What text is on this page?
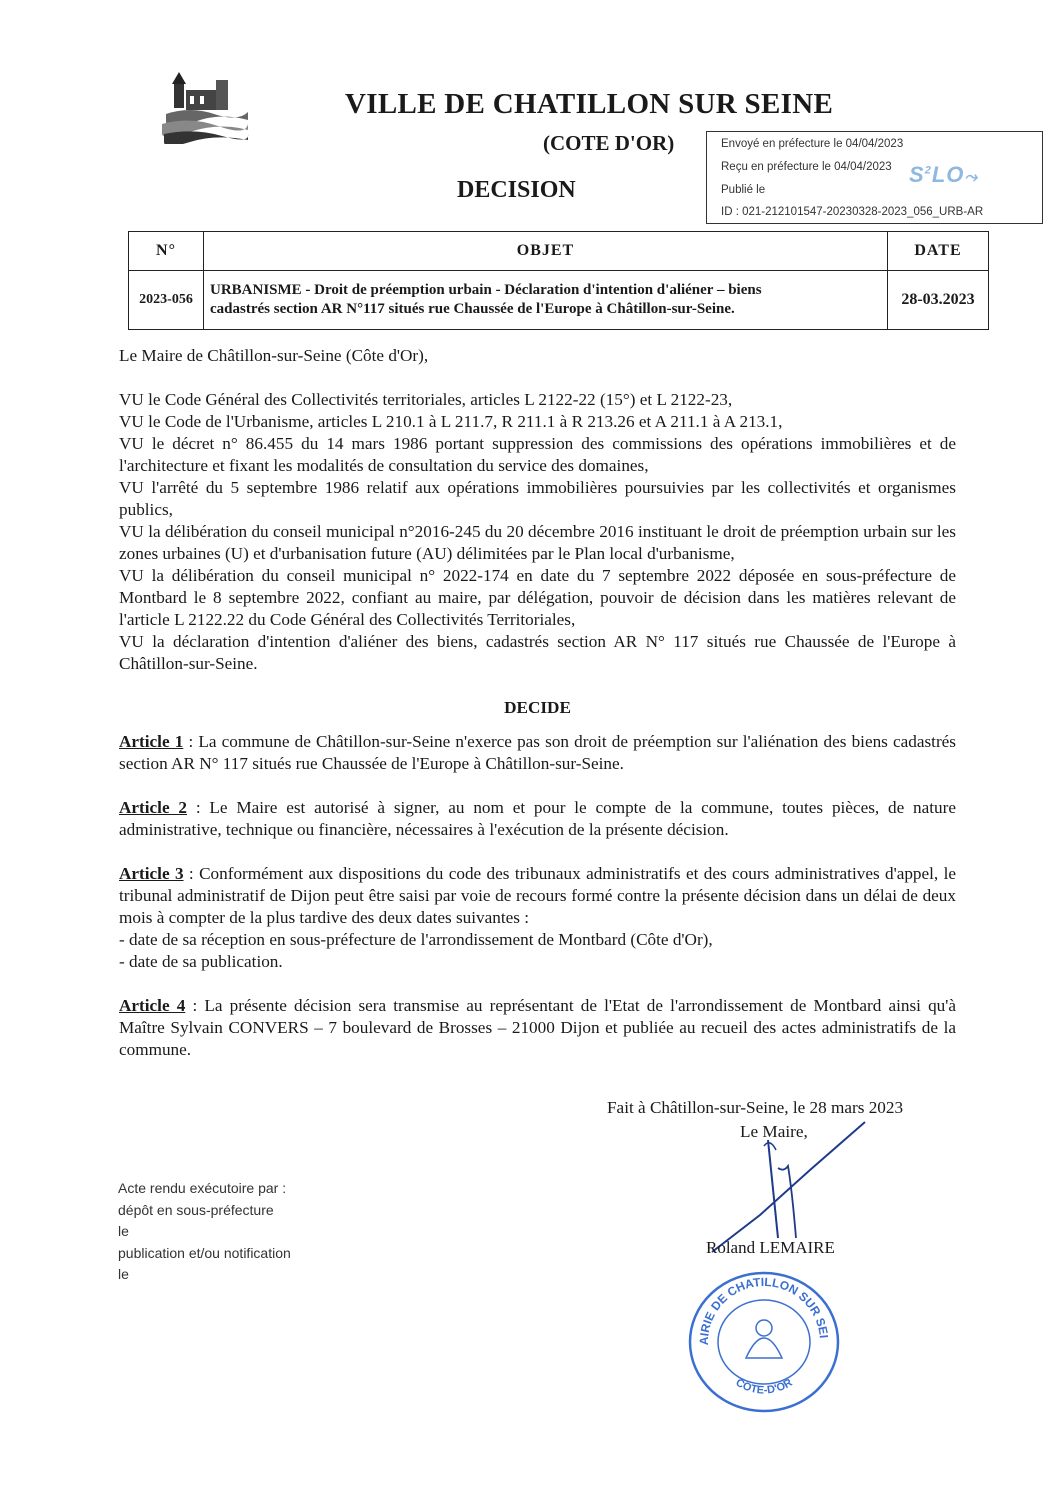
VILLE DE CHATILLON SUR SEINE
(COTE D'OR)
DECISION
Envoyé en préfecture le 04/04/2023
Reçu en préfecture le 04/04/2023
Publié le
ID : 021-212101547-20230328-2023_056_URB-AR
$S^2LO⤳$
N°	OBJET	DATE
2023-056	URBANISME - Droit de préemption urbain - Déclaration d'intention d'aliéner – biens
cadastrés section AR N°117 situés rue Chaussée de l'Europe à Châtillon-sur-Seine.	28-03.2023

Le Maire de Châtillon-sur-Seine (Côte d'Or),

VU le Code Général des Collectivités territoriales, articles L 2122-22 (15°) et L 2122-23,

VU le Code de l'Urbanisme, articles L 210.1 à L 211.7, R 211.1 à R 213.26 et A 211.1 à A 213.1,

VU le décret n° 86.455 du 14 mars 1986 portant suppression des commissions des opérations immobilières et de l'architecture et fixant les modalités de consultation du service des domaines,

VU l'arrêté du 5 septembre 1986 relatif aux opérations immobilières poursuivies par les collectivités et organismes publics,

VU la délibération du conseil municipal n°2016-245 du 20 décembre 2016 instituant le droit de préemption urbain sur les zones urbaines (U) et d'urbanisation future (AU) délimitées par le Plan local d'urbanisme,

VU la délibération du conseil municipal n° 2022-174 en date du 7 septembre 2022 déposée en sous-préfecture de Montbard le 8 septembre 2022, confiant au maire, par délégation, pouvoir de décision dans les matières relevant de l'article L 2122.22 du Code Général des Collectivités Territoriales,

VU la déclaration d'intention d'aliéner des biens, cadastrés section AR N° 117 situés rue Chaussée de l'Europe à Châtillon-sur-Seine.

DECIDE

Article 1 : La commune de Châtillon-sur-Seine n'exerce pas son droit de préemption sur l'aliénation des biens cadastrés section AR N° 117 situés rue Chaussée de l'Europe à Châtillon-sur-Seine.

Article 2 : Le Maire est autorisé à signer, au nom et pour le compte de la commune, toutes pièces, de nature administrative, technique ou financière, nécessaires à l'exécution de la présente décision.

Article 3 : Conformément aux dispositions du code des tribunaux administratifs et des cours administratives d'appel, le tribunal administratif de Dijon peut être saisi par voie de recours formé contre la présente décision dans un délai de deux mois à compter de la plus tardive des deux dates suivantes :

- date de sa réception en sous-préfecture de l'arrondissement de Montbard (Côte d'Or),

- date de sa publication.

Article 4 : La présente décision sera transmise au représentant de l'Etat de l'arrondissement de Montbard ainsi qu'à Maître Sylvain CONVERS – 7 boulevard de Brosses – 21000 Dijon et publiée au recueil des actes administratifs de la commune.

Fait à Châtillon-sur-Seine, le 28 mars 2023
Le Maire,
Roland LEMAIRE
AIRIE DE CHATILLON SUR SEI
COTE-D'OR
Acte rendu exécutoire par :
dépôt en sous-préfecture
le
publication et/ou notification
le
